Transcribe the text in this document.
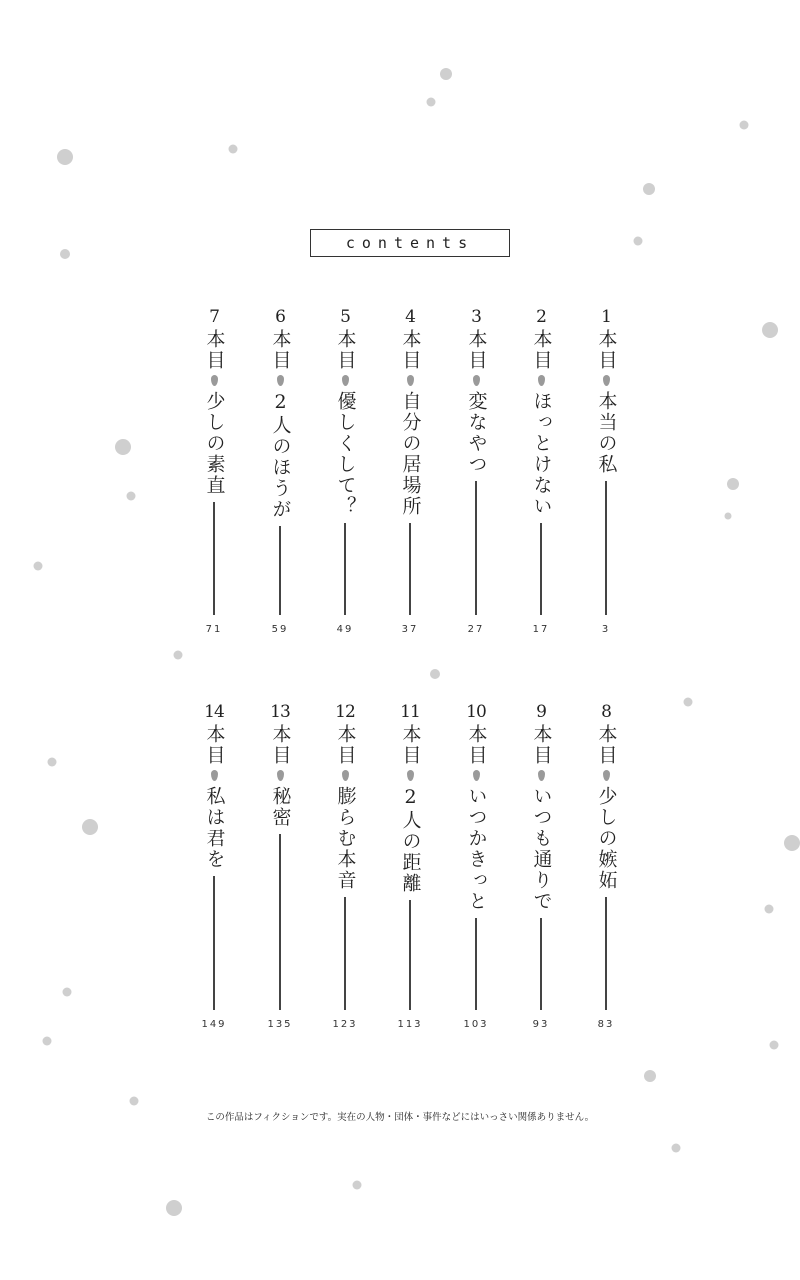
contents
1
本目
本当の私
3
2
本目
ほっとけない
17
3
本目
変なやつ
27
4
本目
自分の居場所
37
5
本目
優しくして？
49
6
本目
2人のほうが
59
7
本目
少しの素直
71
8
本目
少しの嫉妬
83
9
本目
いつも通りで
93
10
本目
いつかきっと
103
11
本目
2人の距離
113
12
本目
膨らむ本音
123
13
本目
秘密
135
14
本目
私は君を
149
この作品はフィクションです。実在の人物・団体・事件などにはいっさい関係ありません。
